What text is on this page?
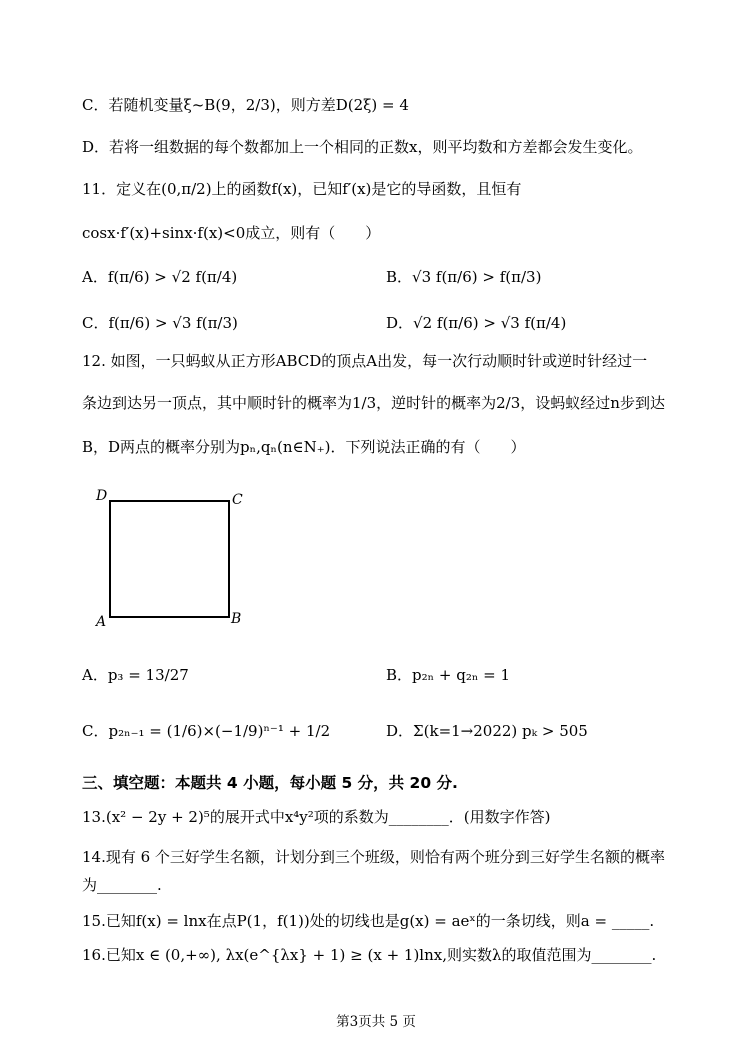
C．若随机变量ξ~B(9，2/3)，则方差D(2ξ) = 4
D．若将一组数据的每个数都加上一个相同的正数x，则平均数和方差都会发生变化。
11．定义在(0,π/2)上的函数f(x)，已知f′(x)是它的导函数，且恒有
cosx·f′(x)+sinx·f(x)<0成立，则有（　　）
A．f(π/6) > √2 f(π/4)	B．√3 f(π/6) > f(π/3)
C．f(π/6) > √3 f(π/3)	D．√2 f(π/6) > √3 f(π/4)
12. 如图，一只蚂蚁从正方形ABCD的顶点A出发，每一次行动顺时针或逆时针经过一
条边到达另一顶点，其中顺时针的概率为1/3，逆时针的概率为2/3，设蚂蚁经过n步到达
B，D两点的概率分别为pₙ,qₙ(n∈N₊)．下列说法正确的有（　　）
D	C
A	B
A．p₃ = 13/27	B．p₂ₙ + q₂ₙ = 1
C．p₂ₙ₋₁ = (1/6)×(−1/9)ⁿ⁻¹ + 1/2	D．Σ(k=1→2022) pₖ > 505
三、填空题：本题共 4 小题，每小题 5 分，共 20 分.
13.(x² − 2y + 2)⁵的展开式中x⁴y²项的系数为________．(用数字作答)
14.现有 6 个三好学生名额，计划分到三个班级，则恰有两个班分到三好学生名额的概率
为________.
15.已知f(x) = lnx在点P(1，f(1))处的切线也是g(x) = aeˣ的一条切线，则a = _____.
16.已知x ∈ (0,+∞), λx(e^{λx} + 1) ≥ (x + 1)lnx,则实数λ的取值范围为________.
第3页共 5 页
